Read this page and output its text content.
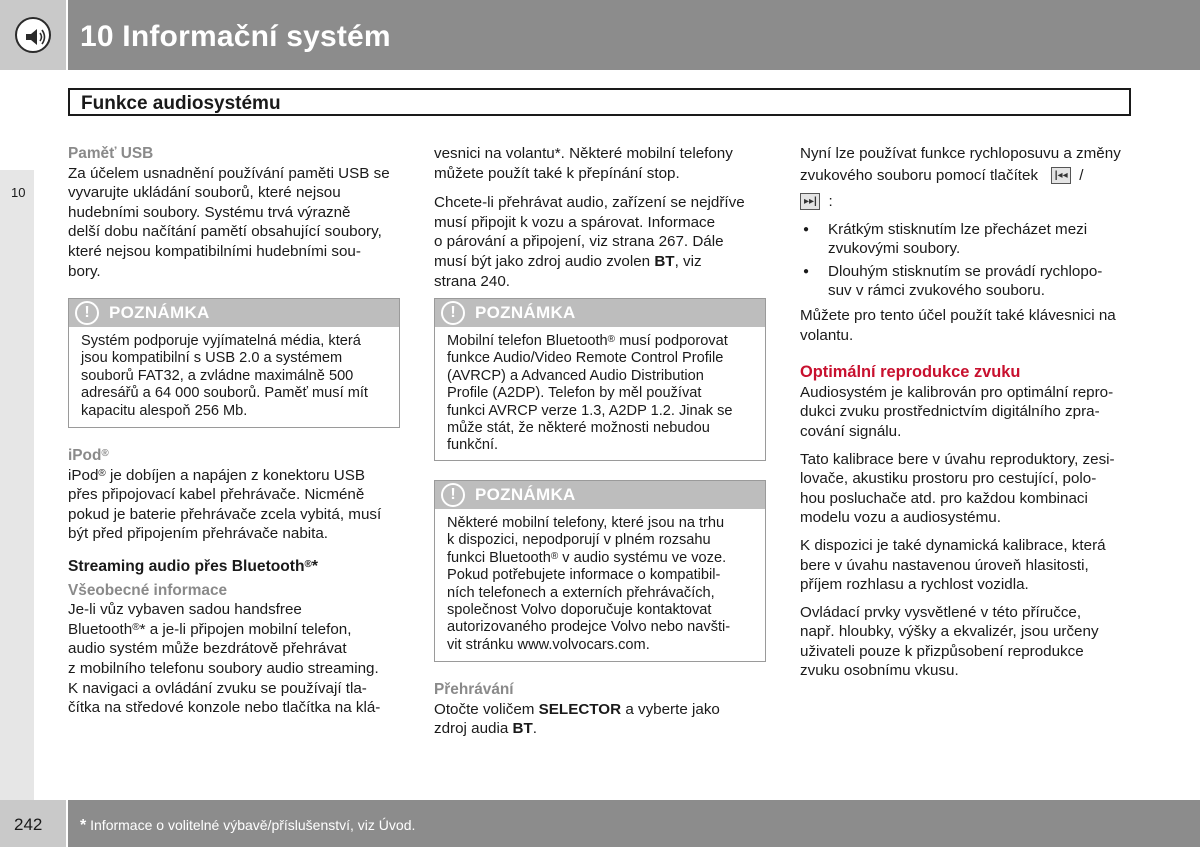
10 Informační systém
Funkce audiosystému
10
Paměť USB
Za účelem usnadnění používání paměti USB se
vyvarujte ukládání souborů, které nejsou
hudebními soubory. Systému trvá výrazně
delší dobu načítání pamětí obsahující soubory,
které nejsou kompatibilními hudebními sou-
bory.
!	POZNÁMKA
Systém podporuje vyjímatelná média, která
jsou kompatibilní s USB 2.0 a systémem
souborů FAT32, a zvládne maximálně 500
adresářů a 64 000 souborů. Paměť musí mít
kapacitu alespoň 256 Mb.
iPod®
iPod® je dobíjen a napájen z konektoru USB
přes připojovací kabel přehrávače. Nicméně
pokud je baterie přehrávače zcela vybitá, musí
být před připojením přehrávače nabita.
Streaming audio přes Bluetooth®*
Všeobecné informace
Je-li vůz vybaven sadou handsfree
Bluetooth®* a je-li připojen mobilní telefon,
audio systém může bezdrátově přehrávat
z mobilního telefonu soubory audio streaming.
K navigaci a ovládání zvuku se používají tla-
čítka na středové konzole nebo tlačítka na klá-
vesnici na volantu*. Některé mobilní telefony
můžete použít také k přepínání stop.
Chcete-li přehrávat audio, zařízení se nejdříve
musí připojit k vozu a spárovat. Informace
o párování a připojení, viz strana 267. Dále
musí být jako zdroj audio zvolen BT, viz
strana 240.
!	POZNÁMKA
Mobilní telefon Bluetooth® musí podporovat
funkce Audio/Video Remote Control Profile
(AVRCP) a Advanced Audio Distribution
Profile (A2DP). Telefon by měl používat
funkci AVRCP verze 1.3, A2DP 1.2. Jinak se
může stát, že některé možnosti nebudou
funkční.
!	POZNÁMKA
Některé mobilní telefony, které jsou na trhu
k dispozici, nepodporují v plném rozsahu
funkci Bluetooth® v audio systému ve voze.
Pokud potřebujete informace o kompatibil-
ních telefonech a externích přehrávačích,
společnost Volvo doporučuje kontaktovat
autorizovaného prodejce Volvo nebo navšti-
vit stránku www.volvocars.com.
Přehrávání
Otočte voličem SELECTOR a vyberte jako
zdroj audia BT.
Nyní lze používat funkce rychloposuvu a změny
zvukového souboru pomocí tlačítek |◂◂ /
▸▸| :
● Krátkým stisknutím lze přecházet mezi
zvukovými soubory.
● Dlouhým stisknutím se provádí rychlopo-
suv v rámci zvukového souboru.
Můžete pro tento účel použít také klávesnici na
volantu.
Optimální reprodukce zvuku
Audiosystém je kalibrován pro optimální repro-
dukci zvuku prostřednictvím digitálního zpra-
cování signálu.
Tato kalibrace bere v úvahu reproduktory, zesi-
lovače, akustiku prostoru pro cestující, polo-
hou posluchače atd. pro každou kombinaci
modelu vozu a audiosystému.
K dispozici je také dynamická kalibrace, která
bere v úvahu nastavenou úroveň hlasitosti,
příjem rozhlasu a rychlost vozidla.
Ovládací prvky vysvětlené v této příručce,
např. hloubky, výšky a ekvalizér, jsou určeny
uživateli pouze k přizpůsobení reprodukce
zvuku osobnímu vkusu.
242 * Informace o volitelné výbavě/příslušenství, viz Úvod.
